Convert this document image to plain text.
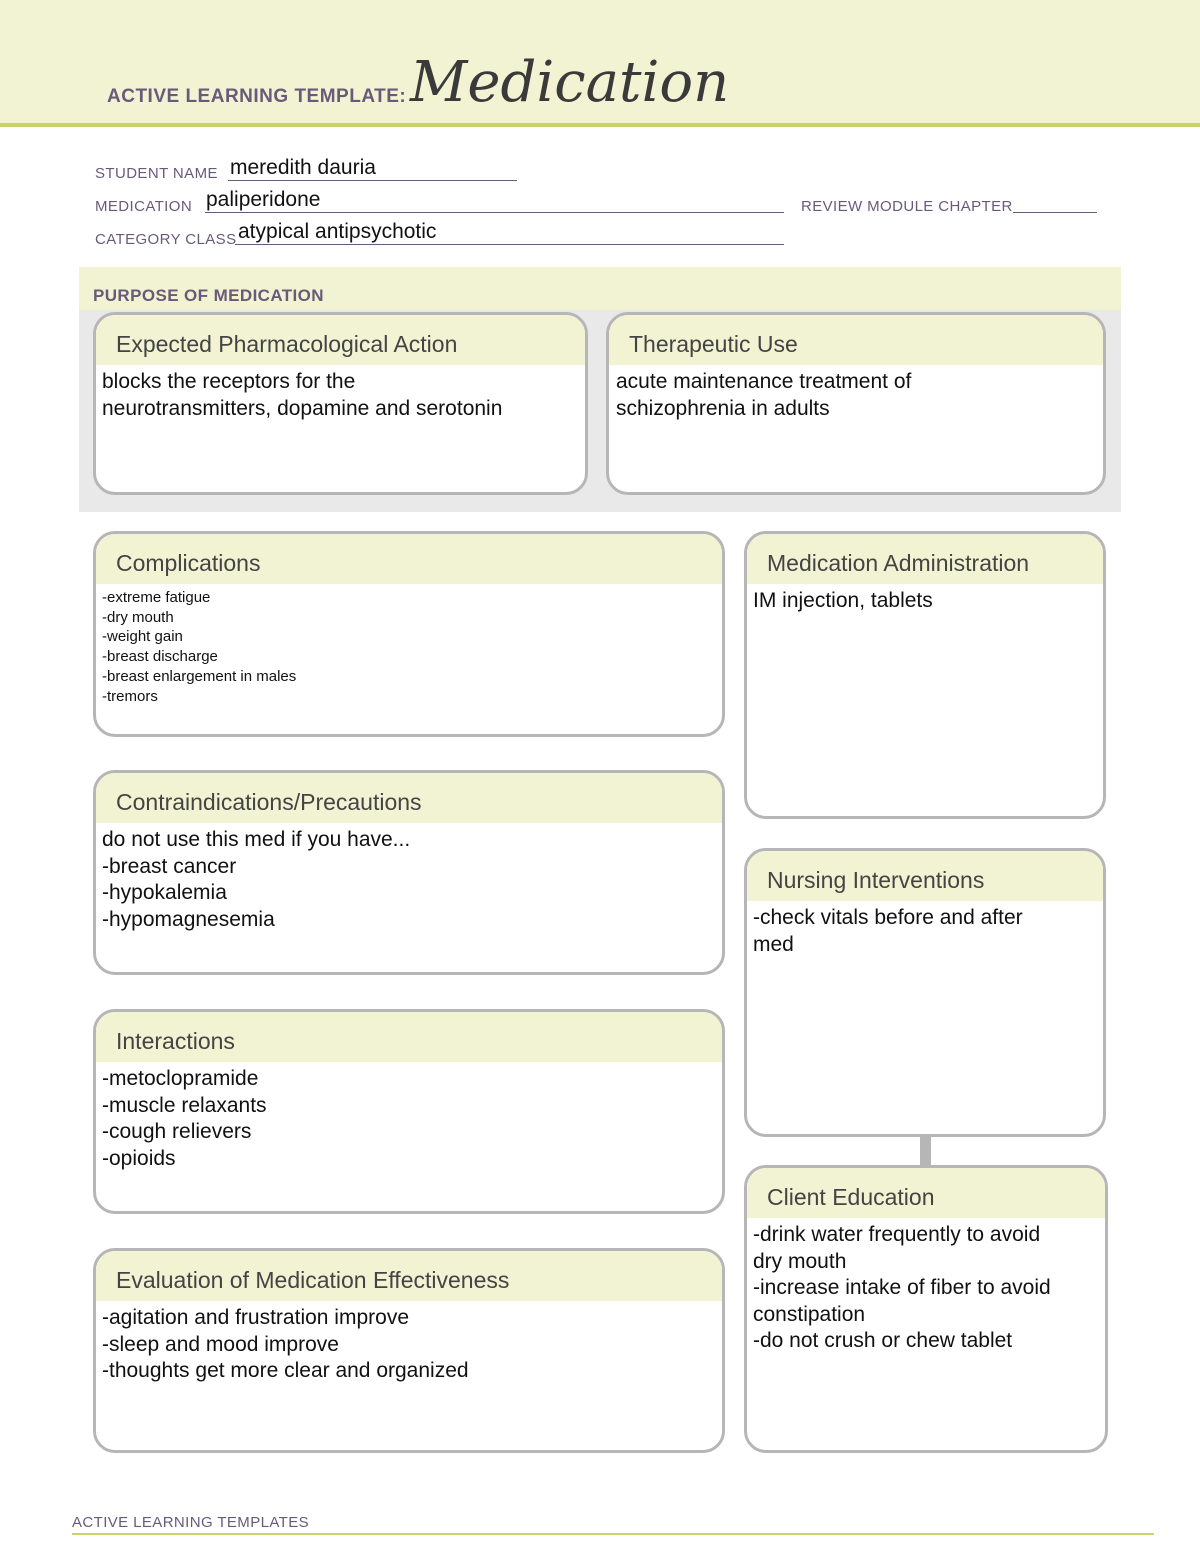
ACTIVE LEARNING TEMPLATE: Medication
STUDENT NAME meredith dauria
MEDICATION paliperidone	REVIEW MODULE CHAPTER
CATEGORY CLASS atypical antipsychotic
PURPOSE OF MEDICATION
Expected Pharmacological Action
blocks the receptors for the
neurotransmitters, dopamine and serotonin
Therapeutic Use
acute maintenance treatment of
schizophrenia in adults
Complications
-extreme fatigue
-dry mouth
-weight gain
-breast discharge
-breast enlargement in males
-tremors
Contraindications/Precautions
do not use this med if you have...
-breast cancer
-hypokalemia
-hypomagnesemia
Interactions
-metoclopramide
-muscle relaxants
-cough relievers
-opioids
Evaluation of Medication Effectiveness
-agitation and frustration improve
-sleep and mood improve
-thoughts get more clear and organized
Medication Administration
IM injection, tablets
Nursing Interventions
-check vitals before and after
med
Client Education
-drink water frequently to avoid
dry mouth
-increase intake of fiber to avoid
constipation
-do not crush or chew tablet
ACTIVE LEARNING TEMPLATES
